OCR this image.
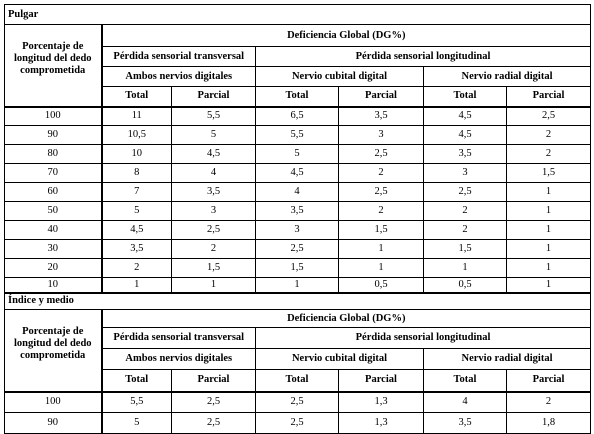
Pulgar						
Porcentaje de longitud del dedo comprometida	Deficiencia Global (DG%)					
	Pérdida sensorial transversal		Pérdida sensorial longitudinal			
	Ambos nervios digitales		Nervio cubital digital		Nervio radial digital	
	Total	Parcial	Total	Parcial	Total	Parcial
100	11	5,5	6,5	3,5	4,5	2,5
90	10,5	5	5,5	3	4,5	2
80	10	4,5	5	2,5	3,5	2
70	8	4	4,5	2	3	1,5
60	7	3,5	4	2,5	2,5	1
50	5	3	3,5	2	2	1
40	4,5	2,5	3	1,5	2	1
30	3,5	2	2,5	1	1,5	1
20	2	1,5	1,5	1	1	1
10	1	1	1	0,5	0,5	1
Índice y medio						
Porcentaje de longitud del dedo comprometida	Deficiencia Global (DG%)					
	Pérdida sensorial transversal		Pérdida sensorial longitudinal			
	Ambos nervios digitales		Nervio cubital digital		Nervio radial digital	
	Total	Parcial	Total	Parcial	Total	Parcial
100	5,5	2,5	2,5	1,3	4	2
90	5	2,5	2,5	1,3	3,5	1,8
